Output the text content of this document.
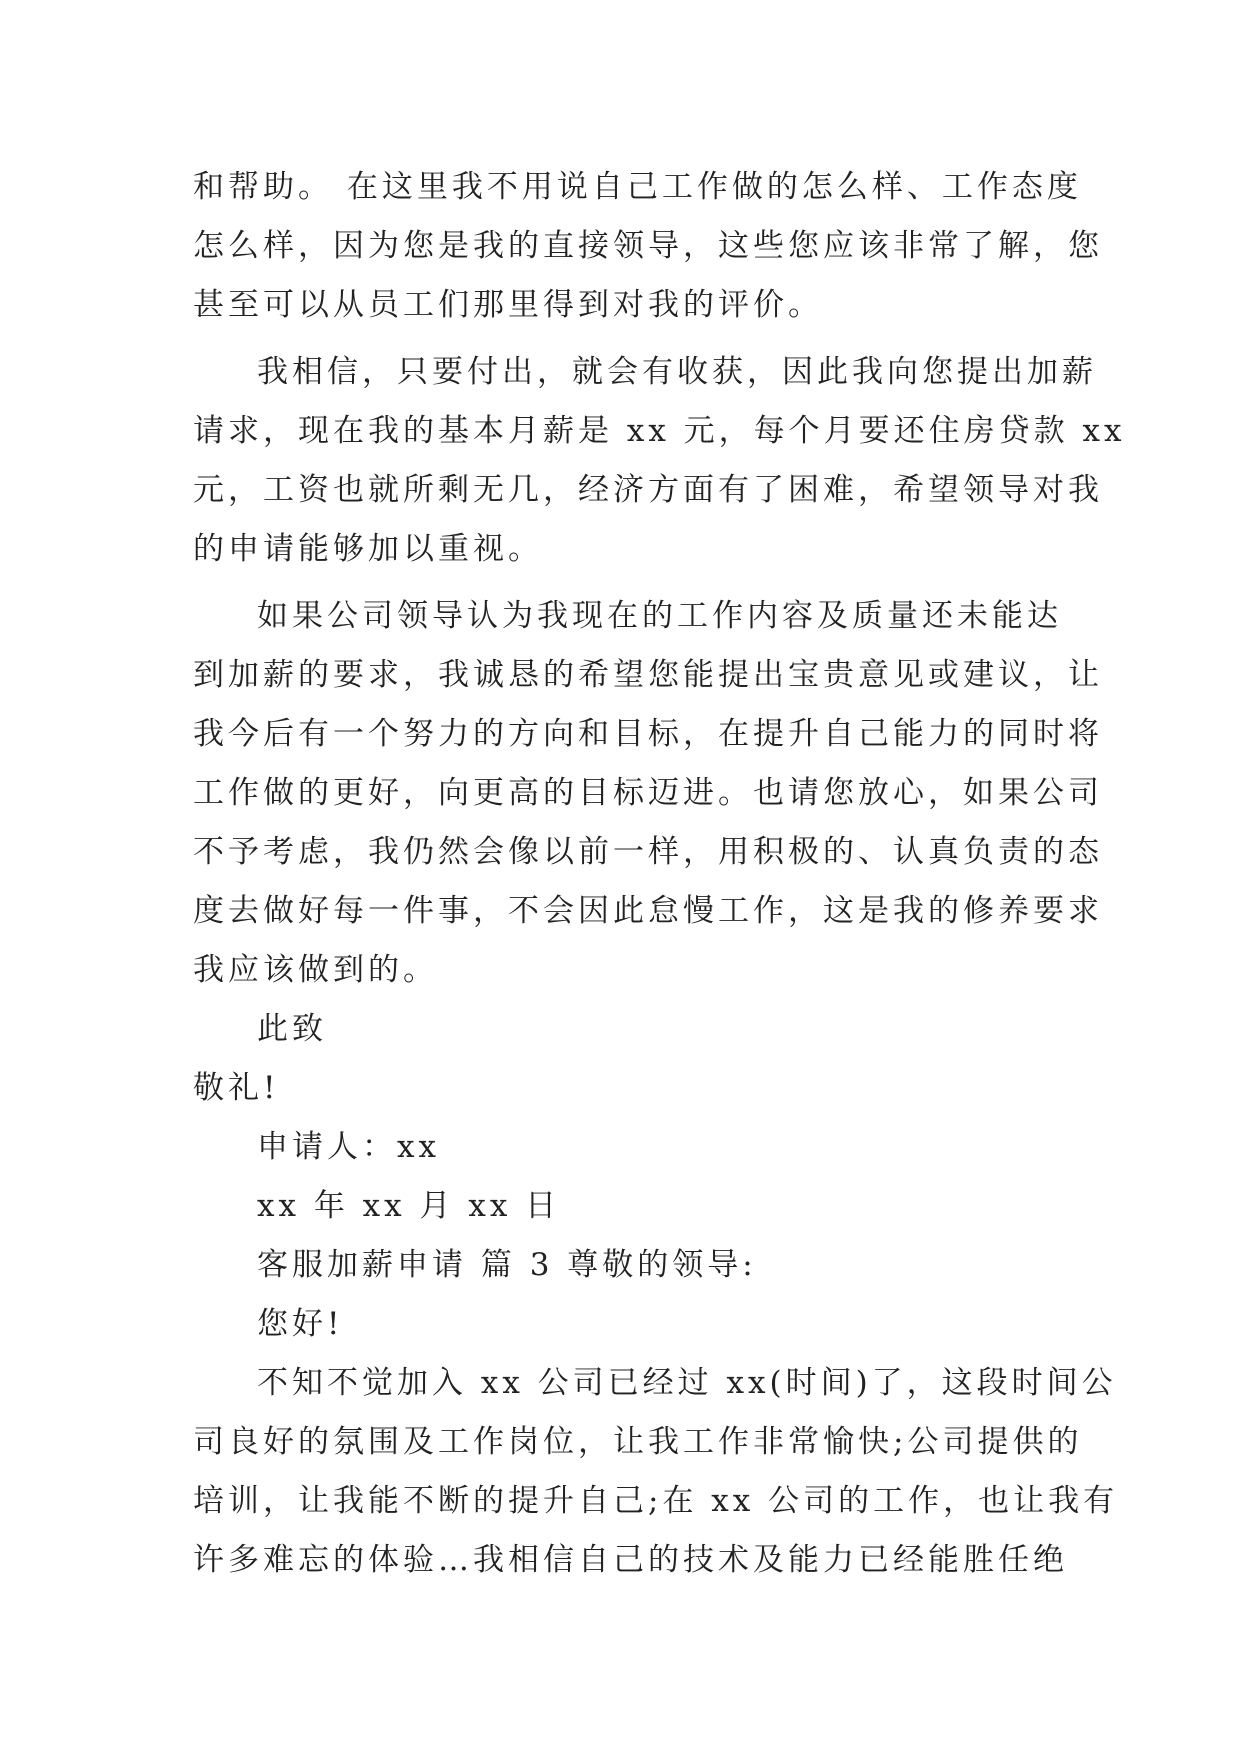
和帮助。 在这里我不用说自己工作做的怎么样、工作态度
怎么样，因为您是我的直接领导，这些您应该非常了解，您
甚至可以从员工们那里得到对我的评价。
我相信，只要付出，就会有收获，因此我向您提出加薪
请求，现在我的基本月薪是 xx 元，每个月要还住房贷款 xx
元，工资也就所剩无几，经济方面有了困难，希望领导对我
的申请能够加以重视。
如果公司领导认为我现在的工作内容及质量还未能达
到加薪的要求，我诚恳的希望您能提出宝贵意见或建议，让
我今后有一个努力的方向和目标，在提升自己能力的同时将
工作做的更好，向更高的目标迈进。也请您放心，如果公司
不予考虑，我仍然会像以前一样，用积极的、认真负责的态
度去做好每一件事，不会因此怠慢工作，这是我的修养要求
我应该做到的。
此致
敬礼!
申请人：xx
xx 年 xx 月 xx 日
客服加薪申请 篇 3 尊敬的领导:
您好!
不知不觉加入 xx 公司已经过 xx(时间)了，这段时间公
司良好的氛围及工作岗位，让我工作非常愉快;公司提供的
培训，让我能不断的提升自己;在 xx 公司的工作，也让我有
许多难忘的体验…我相信自己的技术及能力已经能胜任绝
